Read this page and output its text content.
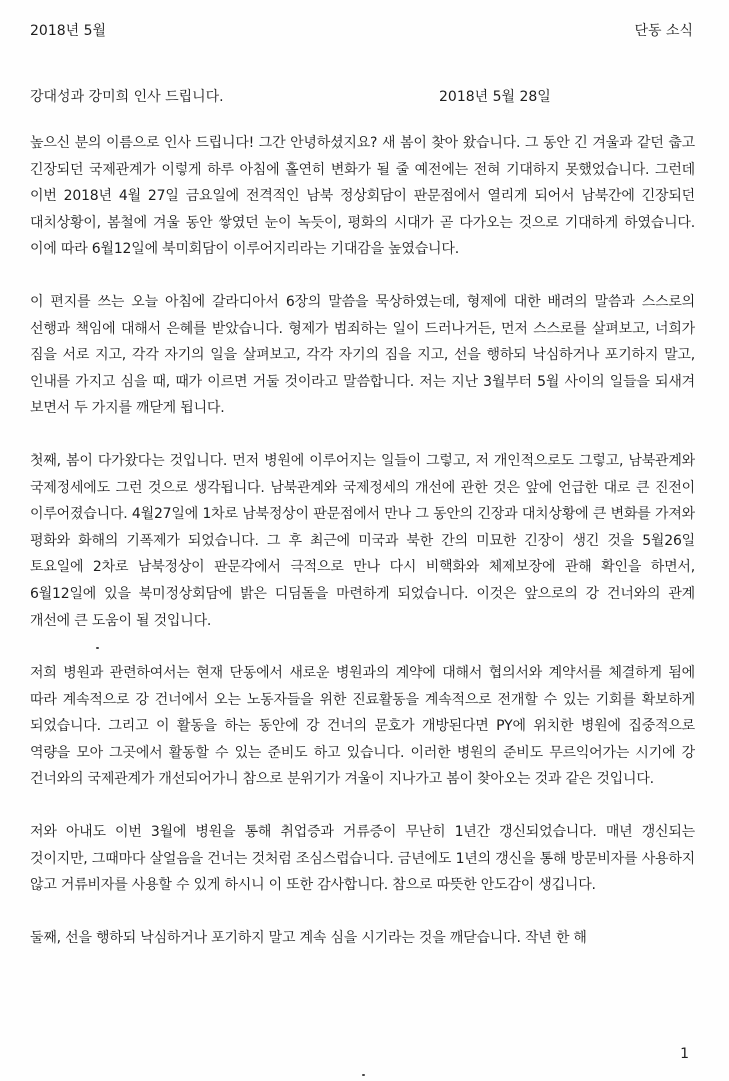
2018년 5월	단동 소식
강대성과 강미희 인사 드립니다.	2018년 5월 28일

높으신 분의 이름으로 인사 드립니다! 그간 안녕하셨지요? 새 봄이 찾아 왔습니다. 그 동안 긴 겨울과 같던 춥고 긴장되던 국제관계가 이렇게 하루 아침에 홀연히 변화가 될 줄 예전에는 전혀 기대하지 못했었습니다. 그런데 이번 2018년 4월 27일 금요일에 전격적인 남북 정상회담이 판문점에서 열리게 되어서 남북간에 긴장되던 대치상황이, 봄철에 겨울 동안 쌓였던 눈이 녹듯이, 평화의 시대가 곧 다가오는 것으로 기대하게 하였습니다. 이에 따라 6월12일에 북미회담이 이루어지리라는 기대감을 높였습니다.

이 편지를 쓰는 오늘 아침에 갈라디아서 6장의 말씀을 묵상하였는데, 형제에 대한 배려의 말씀과 스스로의 선행과 책임에 대해서 은혜를 받았습니다. 형제가 범죄하는 일이 드러나거든, 먼저 스스로를 살펴보고, 너희가 짐을 서로 지고, 각각 자기의 일을 살펴보고, 각각 자기의 짐을 지고, 선을 행하되 낙심하거나 포기하지 말고, 인내를 가지고 심을 때, 때가 이르면 거둘 것이라고 말씀합니다. 저는 지난 3월부터 5월 사이의 일들을 되새겨 보면서 두 가지를 깨닫게 됩니다.

첫째, 봄이 다가왔다는 것입니다. 먼저 병원에 이루어지는 일들이 그렇고, 저 개인적으로도 그렇고, 남북관계와 국제정세에도 그런 것으로 생각됩니다. 남북관계와 국제정세의 개선에 관한 것은 앞에 언급한 대로 큰 진전이 이루어졌습니다. 4월27일에 1차로 남북정상이 판문점에서 만나 그 동안의 긴장과 대치상황에 큰 변화를 가져와 평화와 화해의 기폭제가 되었습니다. 그 후 최근에 미국과 북한 간의 미묘한 긴장이 생긴 것을 5월26일 토요일에 2차로 남북정상이 판문각에서 극적으로 만나 다시 비핵화와 체제보장에 관해 확인을 하면서, 6월12일에 있을 북미정상회담에 밝은 디딤돌을 마련하게 되었습니다. 이것은 앞으로의 강 건너와의 관계 개선에 큰 도움이 될 것입니다.

저희 병원과 관련하여서는 현재 단동에서 새로운 병원과의 계약에 대해서 협의서와 계약서를 체결하게 됨에 따라 계속적으로 강 건너에서 오는 노동자들을 위한 진료활동을 계속적으로 전개할 수 있는 기회를 확보하게 되었습니다. 그리고 이 활동을 하는 동안에 강 건너의 문호가 개방된다면 PY에 위치한 병원에 집중적으로 역량을 모아 그곳에서 활동할 수 있는 준비도 하고 있습니다. 이러한 병원의 준비도 무르익어가는 시기에 강 건너와의 국제관계가 개선되어가니 참으로 분위기가 겨울이 지나가고 봄이 찾아오는 것과 같은 것입니다.

저와 아내도 이번 3월에 병원을 통해 취업증과 거류증이 무난히 1년간 갱신되었습니다. 매년 갱신되는 것이지만, 그때마다 살얼음을 건너는 것처럼 조심스럽습니다. 금년에도 1년의 갱신을 통해 방문비자를 사용하지 않고 거류비자를 사용할 수 있게 하시니 이 또한 감사합니다. 참으로 따뜻한 안도감이 생깁니다.

둘째, 선을 행하되 낙심하거나 포기하지 말고 계속 심을 시기라는 것을 깨닫습니다. 작년 한 해

1
